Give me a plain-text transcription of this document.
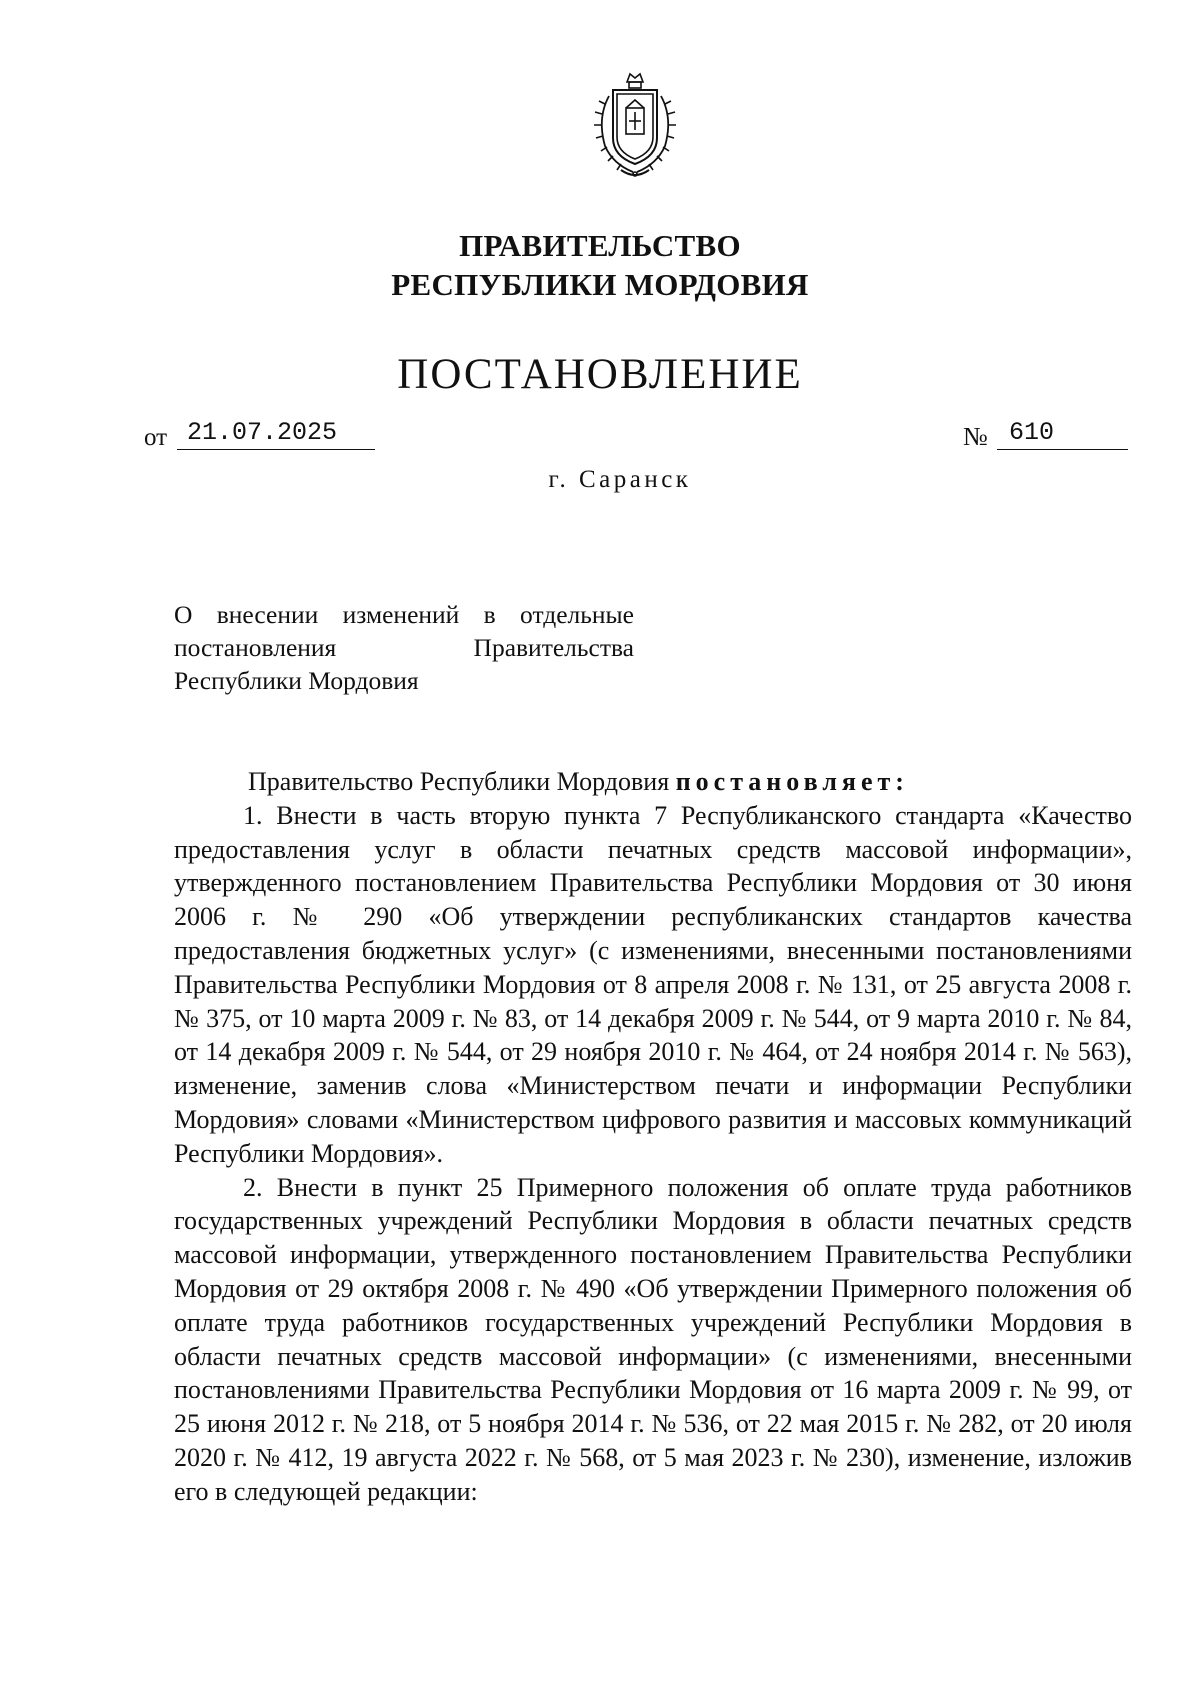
ПРАВИТЕЛЬСТВО
РЕСПУБЛИКИ МОРДОВИЯ
ПОСТАНОВЛЕНИЕ
от 21.07.2025	№ 610
г. Саранск
О внесении изменений в отдельные
постановления Правительства
Республики Мордовия

Правительство Республики Мордовия постановляет:

1. Внести в часть вторую пункта 7 Республиканского стандарта «Качество предоставления услуг в области печатных средств массовой информации», утвержденного постановлением Правительства Республики Мордовия от 30 июня 2006 г. № 290 «Об утверждении республиканских стандартов качества предоставления бюджетных услуг» (с изменениями, внесенными постановлениями Правительства Республики Мордовия от 8 апреля 2008 г. № 131, от 25 августа 2008 г. № 375, от 10 марта 2009 г. № 83, от 14 декабря 2009 г. № 544, от 9 марта 2010 г. № 84, от 14 декабря 2009 г. № 544, от 29 ноября 2010 г. № 464, от 24 ноября 2014 г. № 563), изменение, заменив слова «Министерством печати и информации Республики Мордовия» словами «Министерством цифрового развития и массовых коммуникаций Республики Мордовия».

2. Внести в пункт 25 Примерного положения об оплате труда работников государственных учреждений Республики Мордовия в области печатных средств массовой информации, утвержденного постановлением Правительства Республики Мордовия от 29 октября 2008 г. № 490 «Об утверждении Примерного положения об оплате труда работников государственных учреждений Республики Мордовия в области печатных средств массовой информации» (с изменениями, внесенными постановлениями Правительства Республики Мордовия от 16 марта 2009 г. № 99, от 25 июня 2012 г. № 218, от 5 ноября 2014 г. № 536, от 22 мая 2015 г. № 282, от 20 июля 2020 г. № 412, 19 августа 2022 г. № 568, от 5 мая 2023 г. № 230), изменение, изложив его в следующей редакции:
